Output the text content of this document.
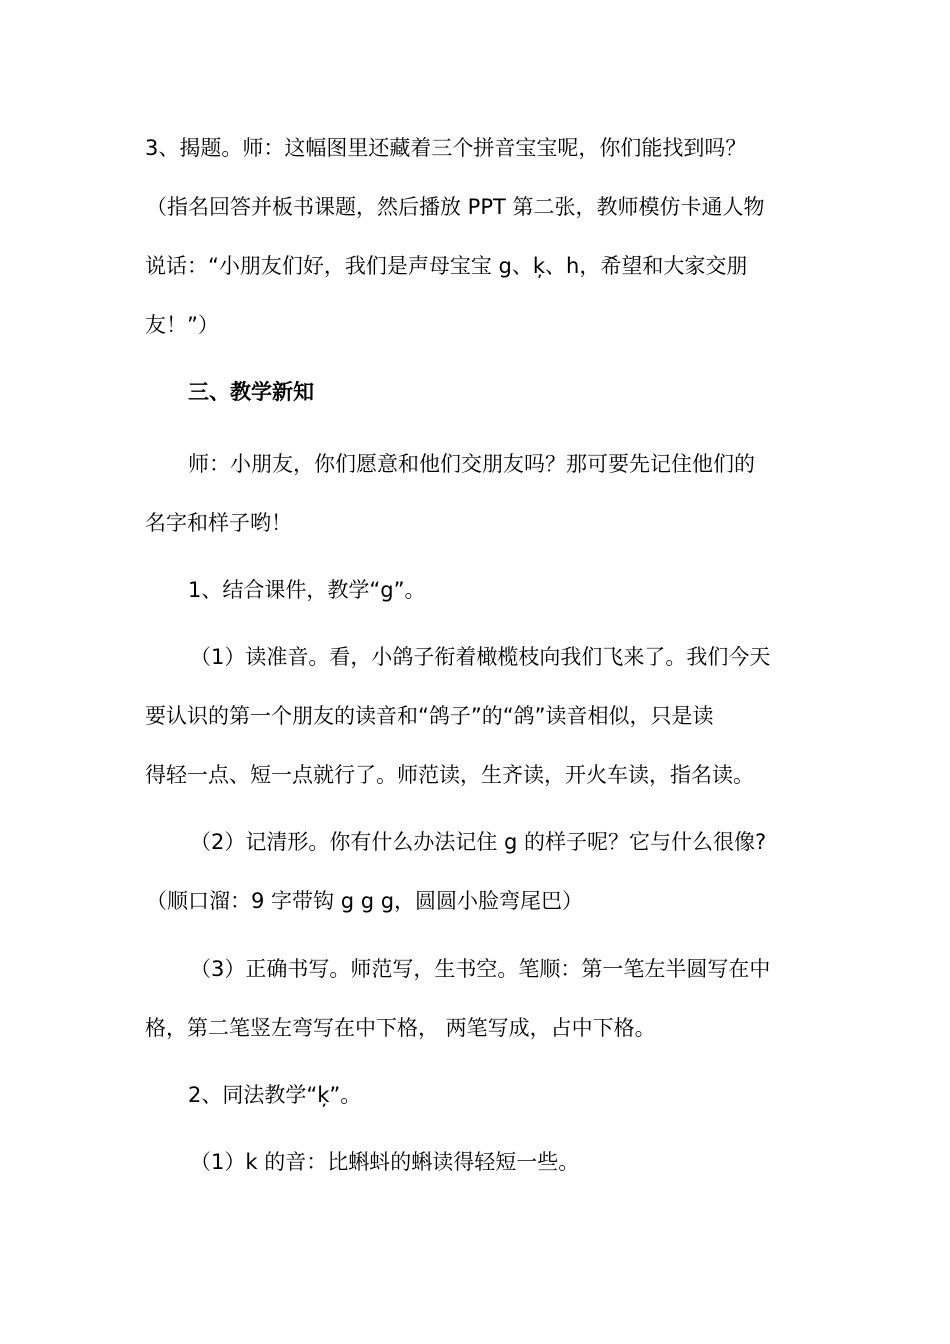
3、揭题。师：这幅图里还藏着三个拼音宝宝呢，你们能找到吗？
（指名回答并板书课题，然后播放 PPT 第二张，教师模仿卡通人物
说话：“小朋友们好，我们是声母宝宝 g、ķ、h，希望和大家交朋
友！”）
三、教学新知
师：小朋友，你们愿意和他们交朋友吗？那可要先记住他们的
名字和样子哟！
1、结合课件，教学“g”。
（1）读准音。看，小鸽子衔着橄榄枝向我们飞来了。我们今天
要认识的第一个朋友的读音和“鸽子”的“鸽”读音相似，只是读
得轻一点、短一点就行了。师范读，生齐读，开火车读，指名读。
（2）记清形。你有什么办法记住 g 的样子呢？它与什么很像?
（顺口溜：9 字带钩 g g g，圆圆小脸弯尾巴）
（3）正确书写。师范写，生书空。笔顺：第一笔左半圆写在中
格，第二笔竖左弯写在中下格， 两笔写成，占中下格。
2、同法教学“ķ”。
（1）k 的音：比蝌蚪的蝌读得轻短一些。
